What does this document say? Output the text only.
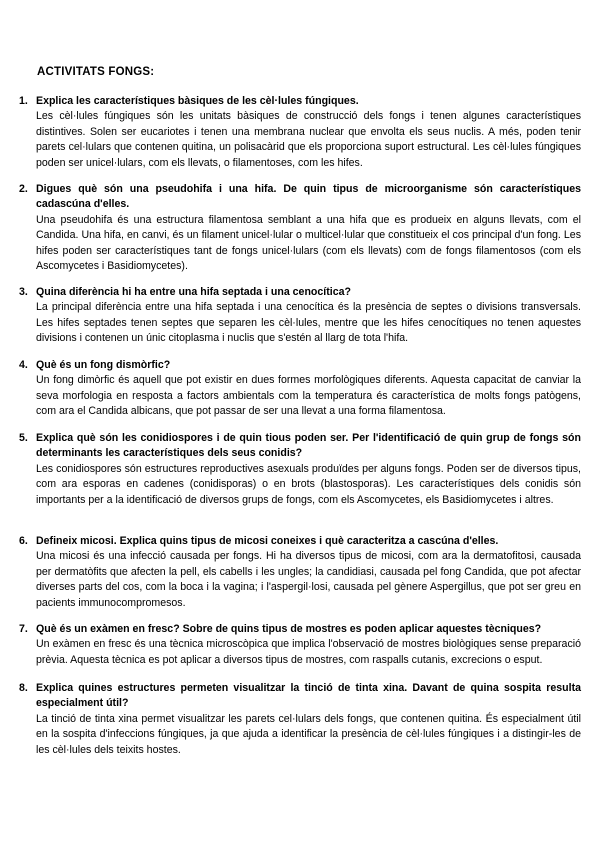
ACTIVITATS FONGS:
1. Explica les característiques bàsiques de les cèl·lules fúngiques.
Les cèl·lules fúngiques són les unitats bàsiques de construcció dels fongs i tenen algunes característiques distintives. Solen ser eucariotes i tenen una membrana nuclear que envolta els seus nuclis. A més, poden tenir parets cel·lulars que contenen quitina, un polisacàrid que els proporciona suport estructural. Les cèl·lules fúngiques poden ser unicel·lulars, com els llevats, o filamentoses, com les hifes.
2. Digues què són una pseudohifa i una hifa. De quin tipus de microorganisme són característiques cadascúna d'elles.
Una pseudohifa és una estructura filamentosa semblant a una hifa que es produeix en alguns llevats, com el Candida. Una hifa, en canvi, és un filament unicel·lular o multicel·lular que constitueix el cos principal d'un fong. Les hifes poden ser característiques tant de fongs unicel·lulars (com els llevats) com de fongs filamentosos (com els Ascomycetes i Basidiomycetes).
3. Quina diferència hi ha entre una hifa septada i una cenocítica?
La principal diferència entre una hifa septada i una cenocítica és la presència de septes o divisions transversals. Les hifes septades tenen septes que separen les cèl·lules, mentre que les hifes cenocítiques no tenen aquestes divisions i contenen un únic citoplasma i nuclis que s'estén al llarg de tota l'hifa.
4. Què és un fong dismòrfic?
Un fong dimòrfic és aquell que pot existir en dues formes morfològiques diferents. Aquesta capacitat de canviar la seva morfologia en resposta a factors ambientals com la temperatura és característica de molts fongs patògens, com ara el Candida albicans, que pot passar de ser una llevat a una forma filamentosa.
5. Explica què són les conidiospores i de quin tious poden ser. Per l'identificació de quin grup de fongs són determinants les característiques dels seus conidis?
Les conidiospores són estructures reproductives asexuals produïdes per alguns fongs. Poden ser de diversos tipus, com ara esporas en cadenes (conidisporas) o en brots (blastosporas). Les característiques dels conidis són importants per a la identificació de diversos grups de fongs, com els Ascomycetes, els Basidiomycetes i altres.
6. Defineix micosi. Explica quins tipus de micosi coneixes i què caracteritza a cascúna d'elles.
Una micosi és una infecció causada per fongs. Hi ha diversos tipus de micosi, com ara la dermatofitosi, causada per dermatòfits que afecten la pell, els cabells i les ungles; la candidiasi, causada pel fong Candida, que pot afectar diverses parts del cos, com la boca i la vagina; i l'aspergil·losi, causada pel gènere Aspergillus, que pot ser greu en pacients immunocompromesos.
7. Què és un exàmen en fresc? Sobre de quins tipus de mostres es poden aplicar aquestes tècniques?
Un exàmen en fresc és una tècnica microscòpica que implica l'observació de mostres biològiques sense preparació prèvia. Aquesta tècnica es pot aplicar a diversos tipus de mostres, com raspalls cutanis, excrecions o esput.
8. Explica quines estructures permeten visualitzar la tinció de tinta xina. Davant de quina sospita resulta especialment útil?
La tinció de tinta xina permet visualitzar les parets cel·lulars dels fongs, que contenen quitina. És especialment útil en la sospita d'infeccions fúngiques, ja que ajuda a identificar la presència de cèl·lules fúngiques i a distingir-les de les cèl·lules dels teixits hostes.
